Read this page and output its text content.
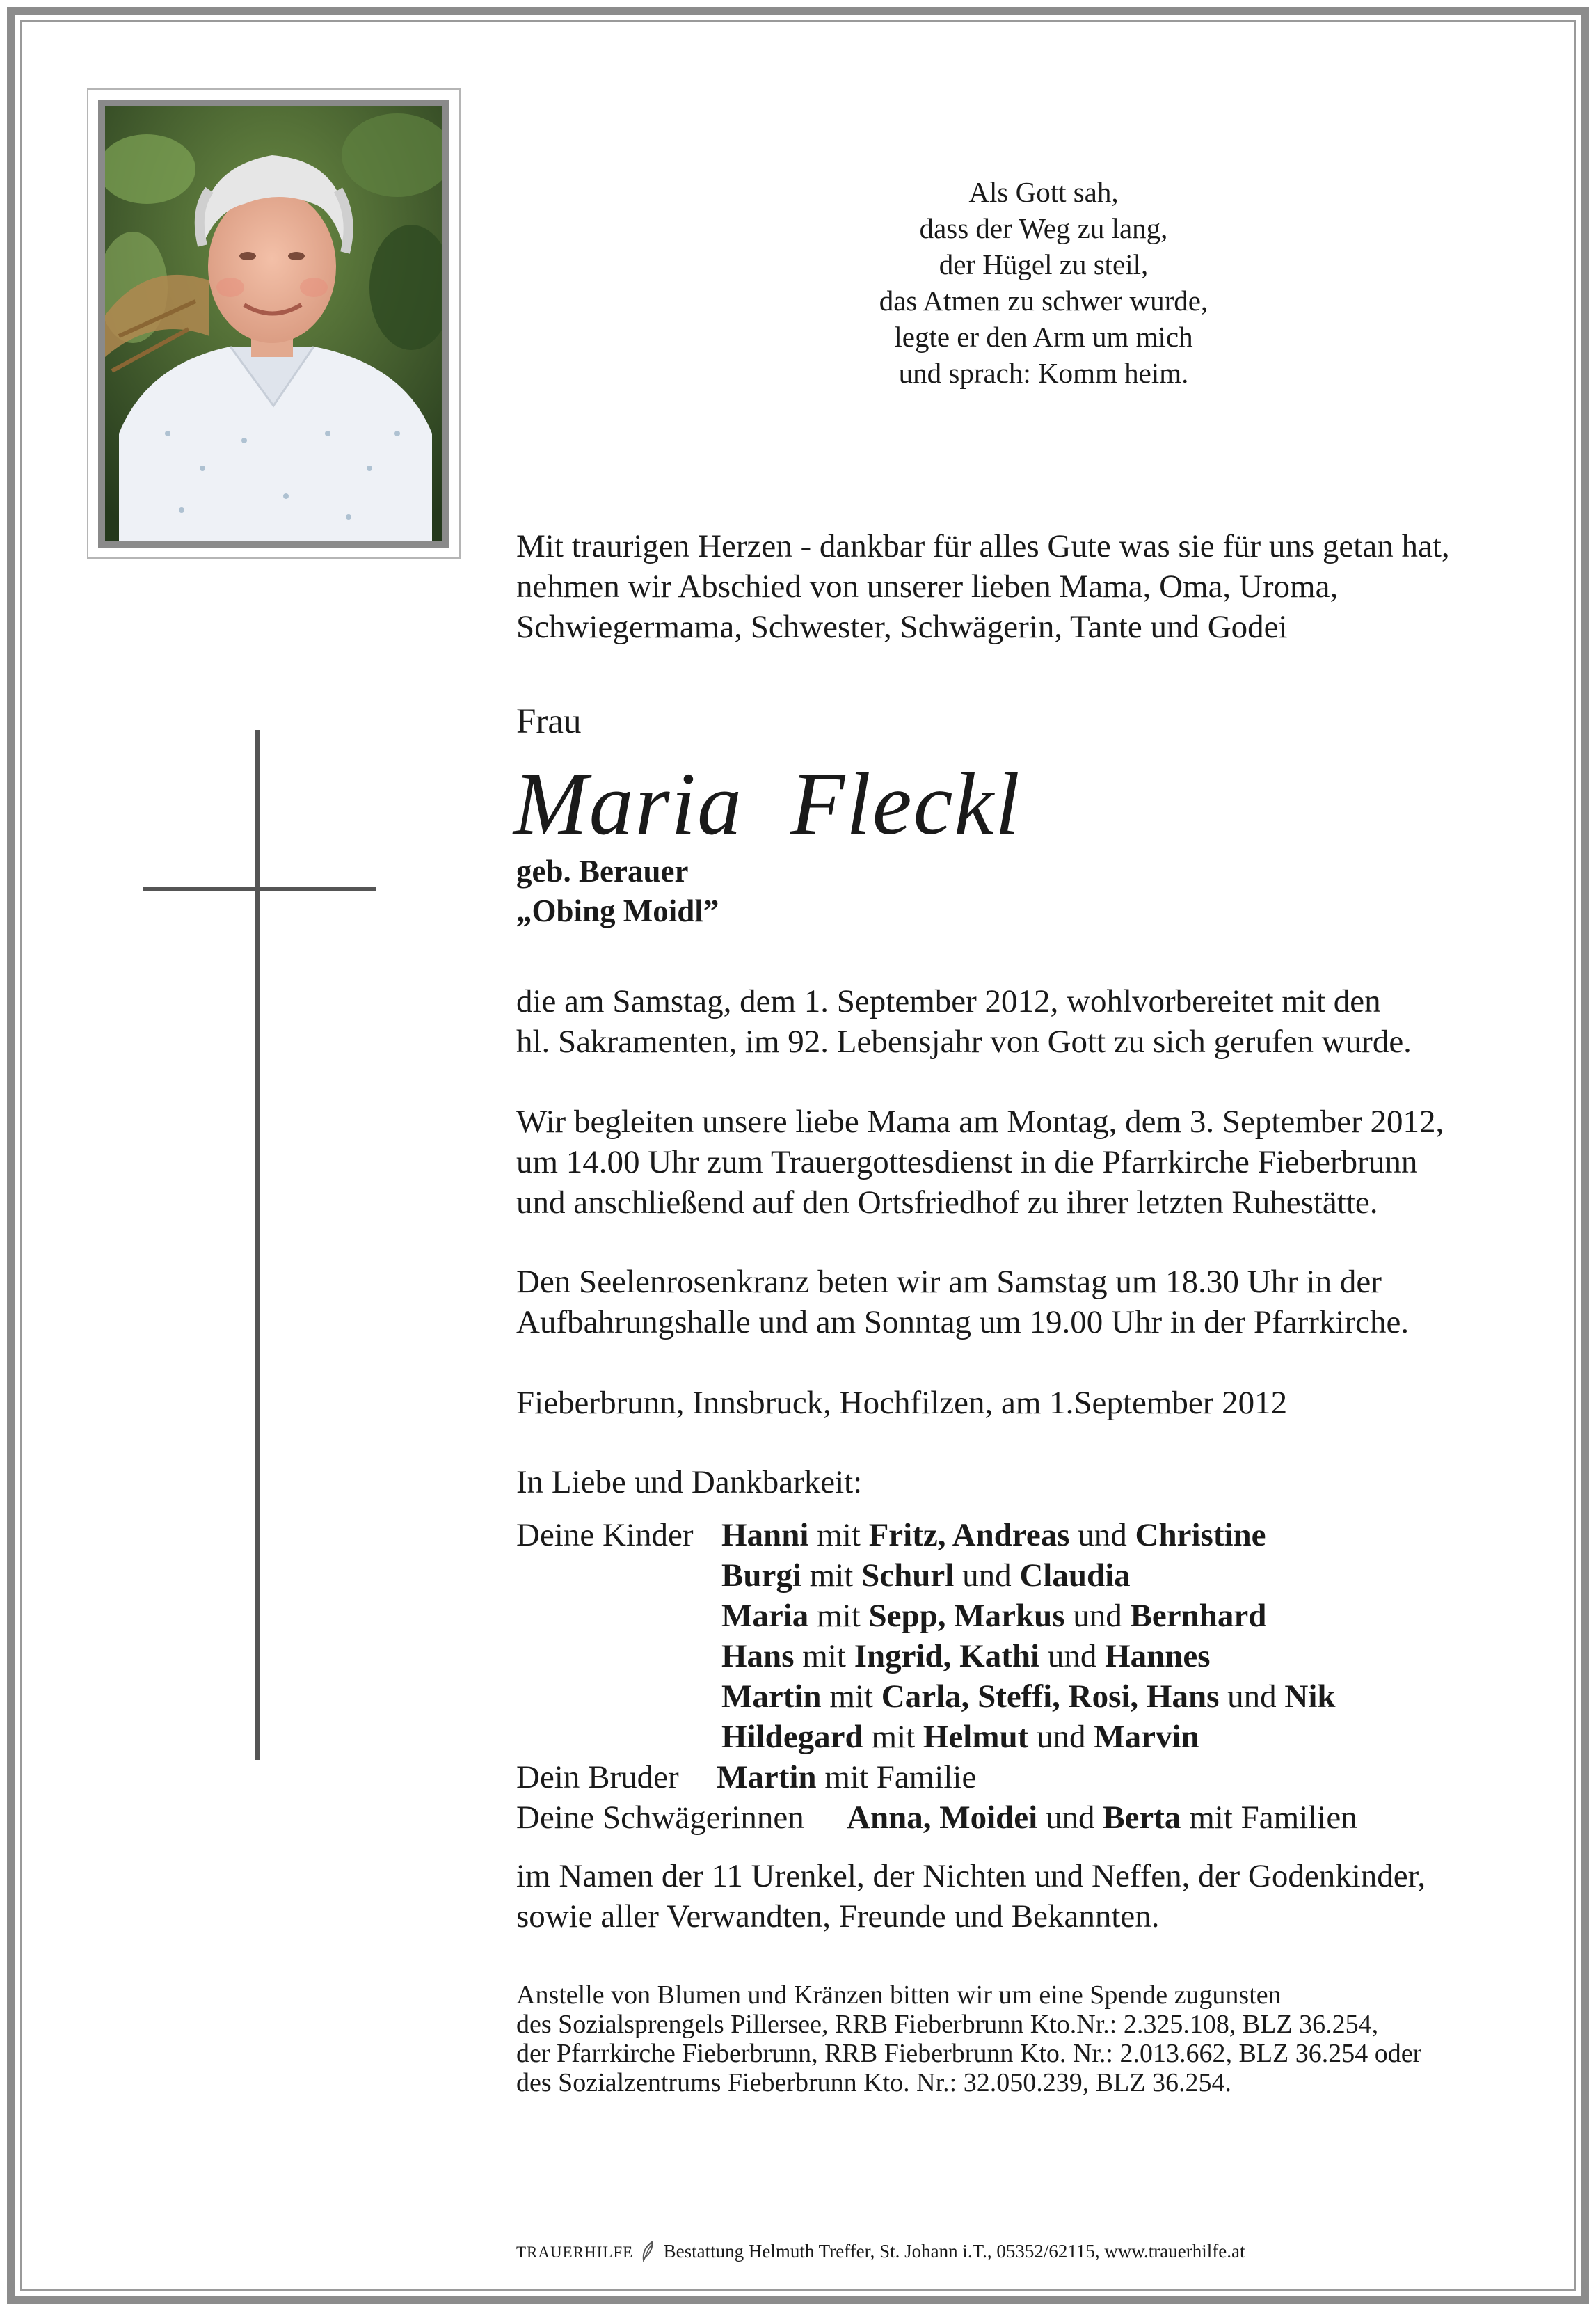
Als Gott sah,
dass der Weg zu lang,
der Hügel zu steil,
das Atmen zu schwer wurde,
legte er den Arm um mich
und sprach: Komm heim.
Mit traurigen Herzen - dankbar für alles Gute was sie für uns getan hat,
nehmen wir Abschied von unserer lieben Mama, Oma, Uroma,
Schwiegermama, Schwester, Schwägerin, Tante und Godei
Frau
Maria  Fleckl
geb. Berauer
„Obing Moidl”
die am Samstag, dem 1. September 2012, wohlvorbereitet mit den
hl. Sakramenten, im 92. Lebensjahr von Gott zu sich gerufen wurde.
Wir begleiten unsere liebe Mama am Montag, dem 3. September 2012,
um 14.00 Uhr zum Trauergottesdienst in die Pfarrkirche Fieberbrunn
und anschließend auf den Ortsfriedhof zu ihrer letzten Ruhestätte.
Den Seelenrosenkranz beten wir am Samstag um 18.30 Uhr in der
Aufbahrungshalle und am Sonntag um 19.00 Uhr in der Pfarrkirche.
Fieberbrunn, Innsbruck, Hochfilzen, am 1.September 2012
In Liebe und Dankbarkeit:
Deine Kinder Hanni mit Fritz, Andreas und Christine
Burgi mit Schurl und Claudia
Maria mit Sepp, Markus und Bernhard
Hans mit Ingrid, Kathi und Hannes
Martin mit Carla, Steffi, Rosi, Hans und Nik
Hildegard mit Helmut und Marvin
Dein Bruder Martin mit Familie
Deine Schwägerinnen Anna, Moidei und Berta mit Familien
im Namen der 11 Urenkel, der Nichten und Neffen, der Godenkinder,
sowie aller Verwandten, Freunde und Bekannten.
Anstelle von Blumen und Kränzen bitten wir um eine Spende zugunsten
des Sozialsprengels Pillersee, RRB Fieberbrunn Kto.Nr.: 2.325.108, BLZ 36.254,
der Pfarrkirche Fieberbrunn, RRB Fieberbrunn Kto. Nr.: 2.013.662, BLZ 36.254 oder
des Sozialzentrums Fieberbrunn Kto. Nr.: 32.050.239, BLZ 36.254.
TRAUERHILFE Bestattung Helmuth Treffer, St. Johann i.T., 05352/62115, www.trauerhilfe.at
